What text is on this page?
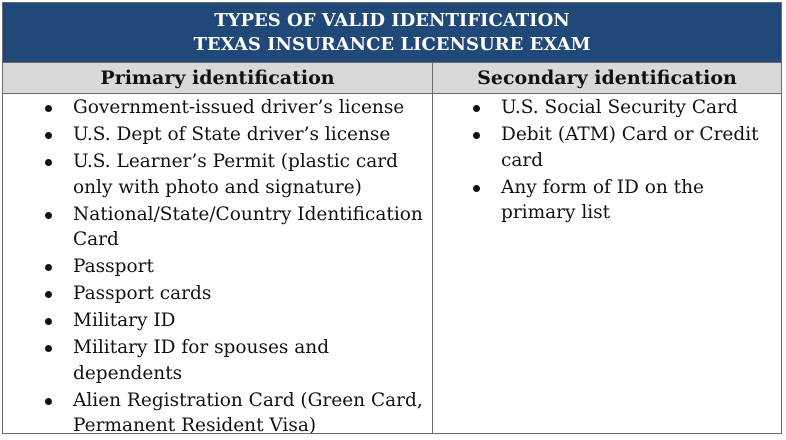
TYPES OF VALID IDENTIFICATION
TEXAS INSURANCE LICENSURE EXAM
Primary identification	Secondary identification
Government-issued driver’s license
U.S. Dept of State driver’s license
U.S. Learner’s Permit (plastic card only with photo and signature)
National/State/Country Identification Card
Passport
Passport cards
Military ID
Military ID for spouses and dependents
Alien Registration Card (Green Card, Permanent Resident Visa)
U.S. Social Security Card
Debit (ATM) Card or Credit card
Any form of ID on the primary list
